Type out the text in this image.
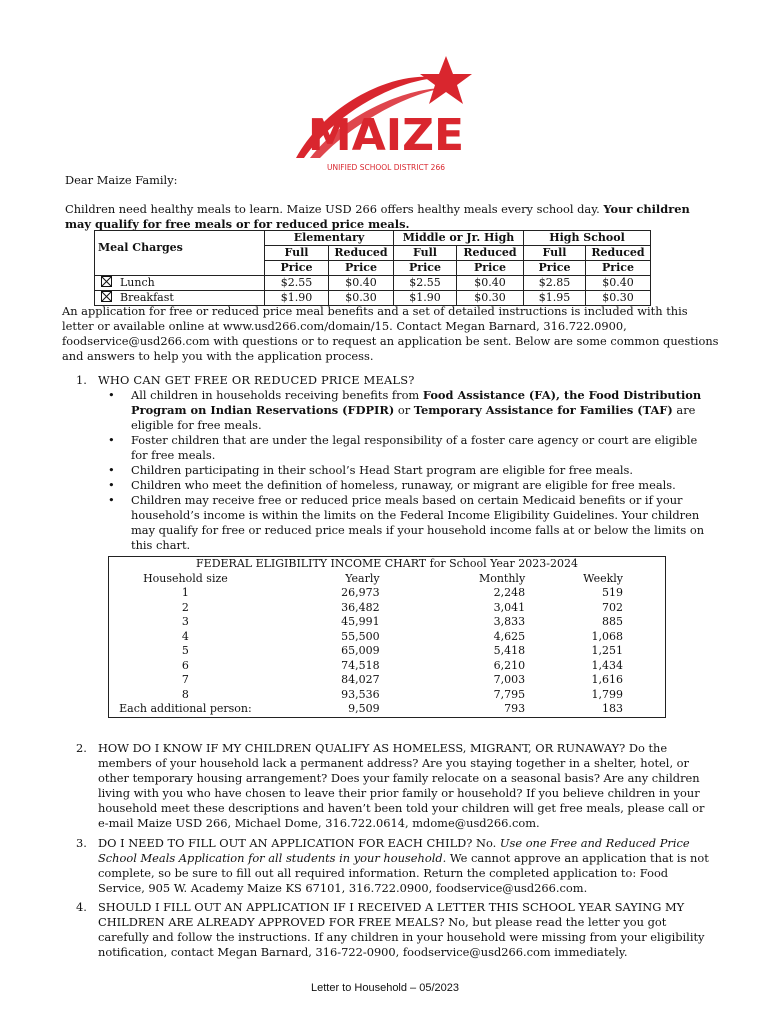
MAIZE
UNIFIED SCHOOL DISTRICT 266
Dear Maize Family:
Children need healthy meals to learn. Maize USD 266 offers healthy meals every school day. Your children may qualify for free meals or for reduced price meals.
Meal Charges	Elementary		Middle or Jr. High		High School	
	Full	Reduced	Full	Reduced	Full	Reduced
	Price	Price	Price	Price	Price	Price
Lunch	$2.55	$0.40	$2.55	$0.40	$2.85	$0.40
Breakfast	$1.90	$0.30	$1.90	$0.30	$1.95	$0.30
An application for free or reduced price meal benefits and a set of detailed instructions is included with this letter or available online at www.usd266.com/domain/15. Contact Megan Barnard, 316.722.0900, foodservice@usd266.com with questions or to request an application be sent. Below are some common questions and answers to help you with the application process.
1. WHO CAN GET FREE OR REDUCED PRICE MEALS?
• All children in households receiving benefits from Food Assistance (FA), the Food Distribution Program on Indian Reservations (FDPIR) or Temporary Assistance for Families (TAF) are eligible for free meals.
• Foster children that are under the legal responsibility of a foster care agency or court are eligible for free meals.
• Children participating in their school’s Head Start program are eligible for free meals.
• Children who meet the definition of homeless, runaway, or migrant are eligible for free meals.
• Children may receive free or reduced price meals based on certain Medicaid benefits or if your household’s income is within the limits on the Federal Income Eligibility Guidelines. Your children may qualify for free or reduced price meals if your household income falls at or below the limits on this chart.
FEDERAL ELIGIBILITY INCOME CHART for School Year 2023-2024			
Household size	Yearly	Monthly	Weekly
1	26,973	2,248	519
2	36,482	3,041	702
3	45,991	3,833	885
4	55,500	4,625	1,068
5	65,009	5,418	1,251
6	74,518	6,210	1,434
7	84,027	7,003	1,616
8	93,536	7,795	1,799
Each additional person:	9,509	793	183
2. HOW DO I KNOW IF MY CHILDREN QUALIFY AS HOMELESS, MIGRANT, OR RUNAWAY? Do the members of your household lack a permanent address? Are you staying together in a shelter, hotel, or other temporary housing arrangement? Does your family relocate on a seasonal basis? Are any children living with you who have chosen to leave their prior family or household? If you believe children in your household meet these descriptions and haven’t been told your children will get free meals, please call or e-mail Maize USD 266, Michael Dome, 316.722.0614, mdome@usd266.com.
3. DO I NEED TO FILL OUT AN APPLICATION FOR EACH CHILD? No. Use one Free and Reduced Price School Meals Application for all students in your household. We cannot approve an application that is not complete, so be sure to fill out all required information. Return the completed application to: Food Service, 905 W. Academy Maize KS 67101, 316.722.0900, foodservice@usd266.com.
4. SHOULD I FILL OUT AN APPLICATION IF I RECEIVED A LETTER THIS SCHOOL YEAR SAYING MY CHILDREN ARE ALREADY APPROVED FOR FREE MEALS? No, but please read the letter you got carefully and follow the instructions. If any children in your household were missing from your eligibility notification, contact Megan Barnard, 316-722-0900, foodservice@usd266.com immediately.
Letter to Household – 05/2023
